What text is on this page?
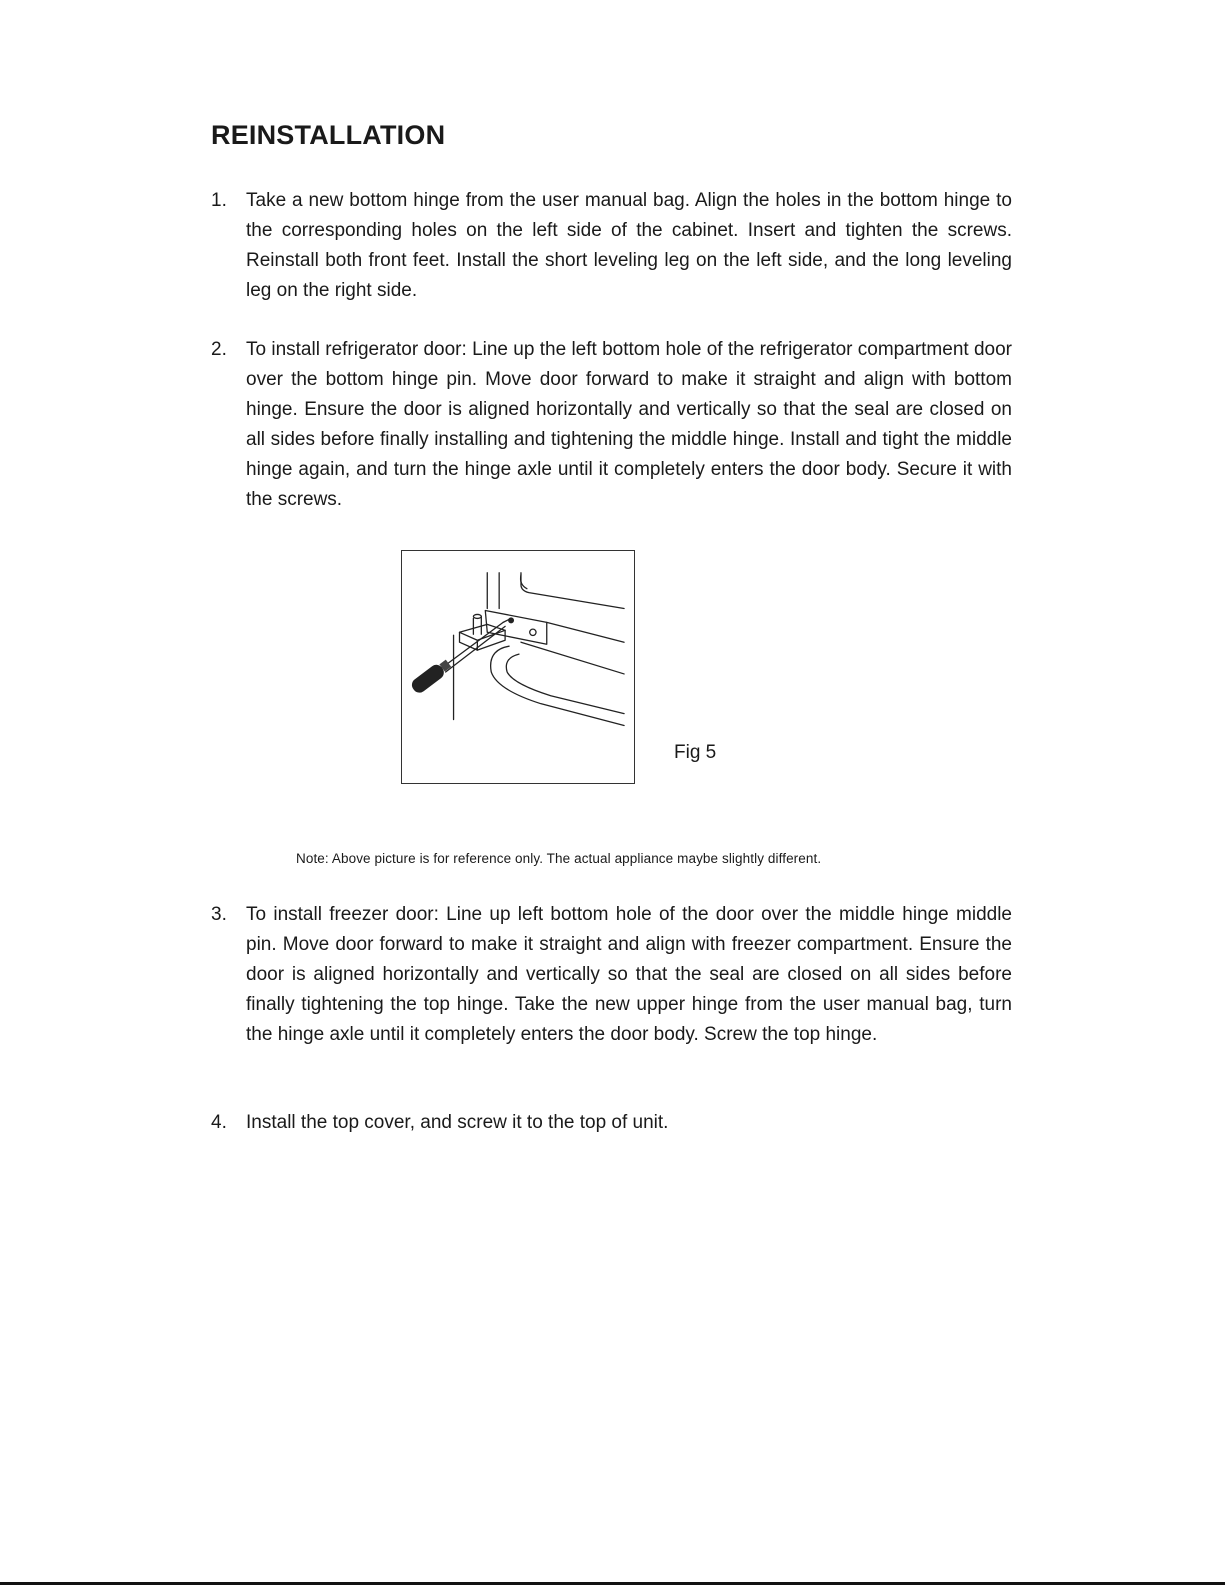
REINSTALLATION
1. Take a new bottom hinge from the user manual bag. Align the holes in the bottom hinge to the corresponding holes on the left side of the cabinet. Insert and tighten the screws. Reinstall both front feet. Install the short leveling leg on the left side, and the long leveling leg on the right side.
2. To install refrigerator door: Line up the left bottom hole of the refrigerator compartment door over the bottom hinge pin. Move door forward to make it straight and align with bottom hinge. Ensure the door is aligned horizontally and vertically so that the seal are closed on all sides before finally installing and tightening the middle hinge. Install and tight the middle hinge again, and turn the hinge axle until it completely enters the door body. Secure it with the screws.
Fig 5
Note: Above picture is for reference only. The actual appliance maybe slightly different.
3. To install freezer door: Line up left bottom hole of the door over the middle hinge middle pin. Move door forward to make it straight and align with freezer compartment. Ensure the door is aligned horizontally and vertically so that the seal are closed on all sides before finally tightening the top hinge. Take the new upper hinge from the user manual bag, turn the hinge axle until it completely enters the door body. Screw the top hinge.
4. Install the top cover, and screw it to the top of unit.
